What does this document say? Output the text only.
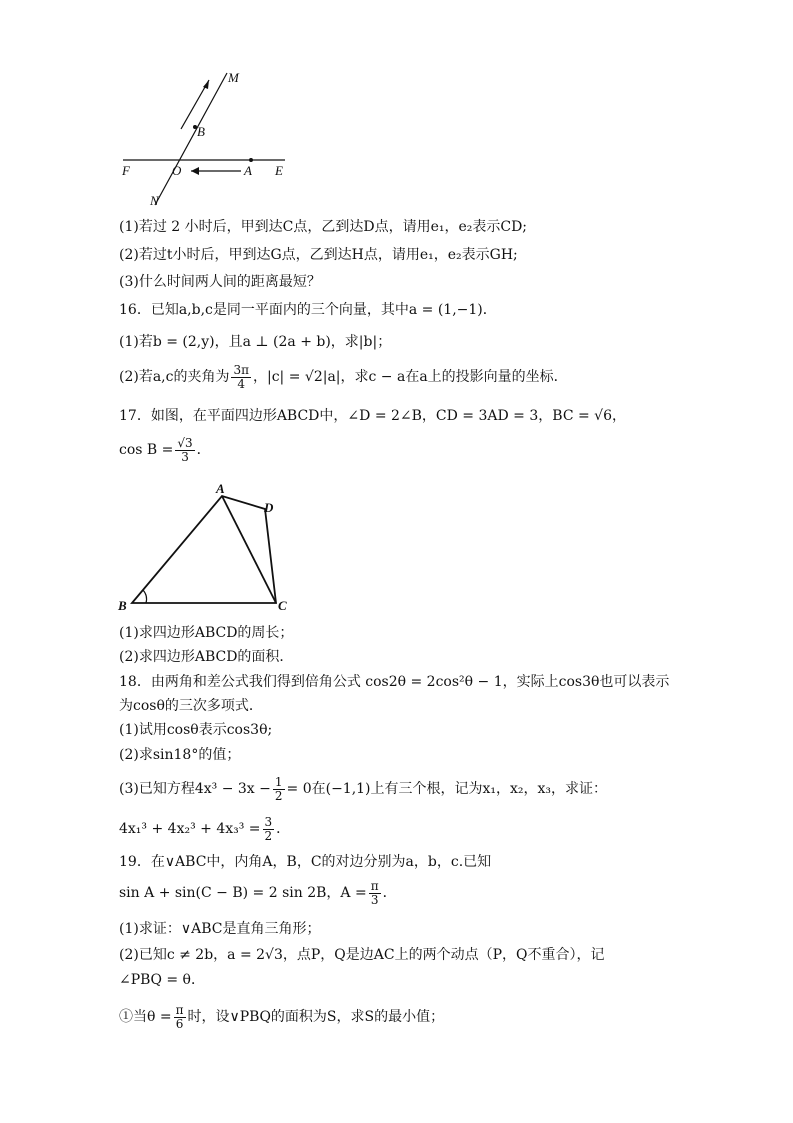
M
B
F	O	A E
N
(1)若过 2 小时后，甲到达C点，乙到达D点，请用e₁，e₂表示CD;
(2)若过t小时后，甲到达G点，乙到达H点，请用e₁，e₂表示GH;
(3)什么时间两人间的距离最短？
16．已知a,b,c是同一平面内的三个向量，其中a = (1,−1)．
(1)若b = (2,y)，且a ⊥ (2a + b)，求|b|；
(2)若a,c的夹角为 $\frac{3\pi}{4}$ ，|c| = √2|a|，求c − a在a上的投影向量的坐标．
17．如图，在平面四边形ABCD中，∠D = 2∠B，CD = 3AD = 3，BC = √6，
$\cos B = \frac{√3}{3}$ ．
A
D
B	C
(1)求四边形ABCD的周长；
(2)求四边形ABCD的面积．
18．由两角和差公式我们得到倍角公式 cos2θ = 2cos²θ − 1，实际上cos3θ也可以表示
为cosθ的三次多项式．
(1)试用cosθ表示cos3θ;
(2)求sin18°的值；
(3)已知方程$4x^3 - 3x - \frac{1}{2} = 0$在(−1,1)上有三个根，记为x₁，x₂，x₃，求证：
$4x_1^3 + 4x_2^3 + 4x_3^3 = \frac{3}{2}$ ．
19．在∨ABC中，内角A，B，C的对边分别为a，b，c.已知
sin A + sin(C − B) = 2 sin 2B，$A = \frac{\pi}{3}$ ．
(1)求证：∨ABC是直角三角形；
(2)已知c ≠ 2b，a = 2√3，点P，Q是边AC上的两个动点（P，Q不重合），记
∠PBQ = θ．
①当$\theta = \frac{\pi}{6}$ 时，设∨PBQ的面积为S，求S的最小值；
